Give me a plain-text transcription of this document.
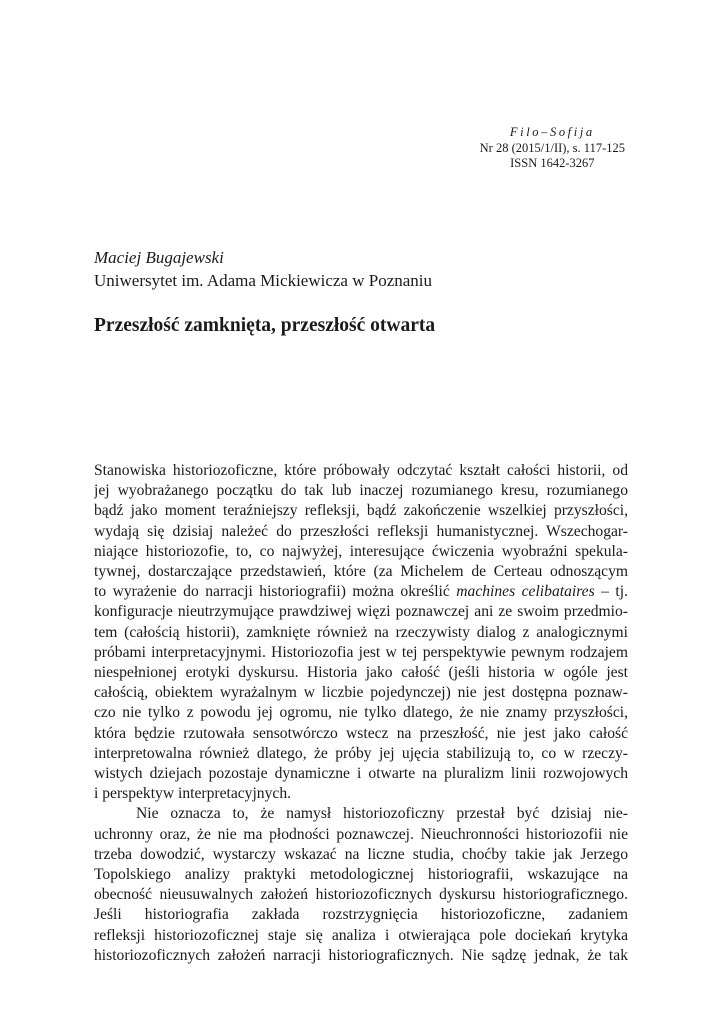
Filo–Sofija
Nr 28 (2015/1/II), s. 117-125
ISSN 1642-3267
Maciej Bugajewski
Uniwersytet im. Adama Mickiewicza w Poznaniu
Przeszłość zamknięta, przeszłość otwarta
Stanowiska historiozoficzne, które próbowały odczytać kształt całości historii, od
jej wyobrażanego początku do tak lub inaczej rozumianego kresu, rozumianego
bądź jako moment teraźniejszy refleksji, bądź zakończenie wszelkiej przyszłości,
wydają się dzisiaj należeć do przeszłości refleksji humanistycznej. Wszechogar-
niające historiozofie, to, co najwyżej, interesujące ćwiczenia wyobraźni spekula-
tywnej, dostarczające przedstawień, które (za Michelem de Certeau odnoszącym
to wyrażenie do narracji historiografii) można określić machines celibataires – tj.
konfiguracje nieutrzymujące prawdziwej więzi poznawczej ani ze swoim przedmio-
tem (całością historii), zamknięte również na rzeczywisty dialog z analogicznymi
próbami interpretacyjnymi. Historiozofia jest w tej perspektywie pewnym rodzajem
niespełnionej erotyki dyskursu. Historia jako całość (jeśli historia w ogóle jest
całością, obiektem wyrażalnym w liczbie pojedynczej) nie jest dostępna poznaw-
czo nie tylko z powodu jej ogromu, nie tylko dlatego, że nie znamy przyszłości,
która będzie rzutowała sensotwórczo wstecz na przeszłość, nie jest jako całość
interpretowalna również dlatego, że próby jej ujęcia stabilizują to, co w rzeczy-
wistych dziejach pozostaje dynamiczne i otwarte na pluralizm linii rozwojowych
i perspektyw interpretacyjnych.
Nie oznacza to, że namysł historiozoficzny przestał być dzisiaj nie-
uchronny oraz, że nie ma płodności poznawczej. Nieuchronności historiozofii nie
trzeba dowodzić, wystarczy wskazać na liczne studia, choćby takie jak Jerzego
Topolskiego analizy praktyki metodologicznej historiografii, wskazujące na
obecność nieusuwalnych założeń historiozoficznych dyskursu historiograficznego.
Jeśli historiografia zakłada rozstrzygnięcia historiozoficzne, zadaniem
refleksji historiozoficznej staje się analiza i otwierająca pole dociekań krytyka
historiozoficznych założeń narracji historiograficznych. Nie sądzę jednak, że tak
